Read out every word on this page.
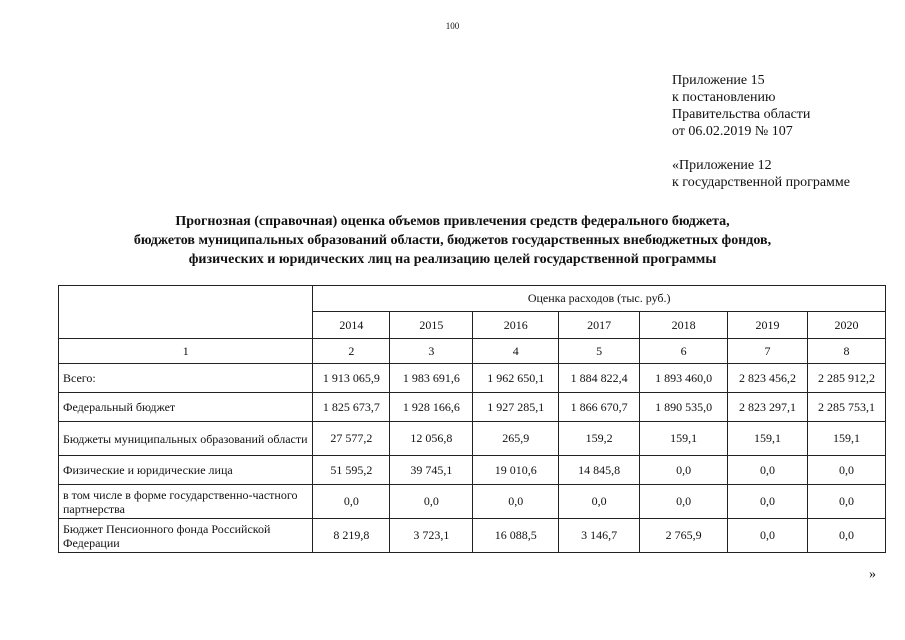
100
Приложение 15
к постановлению
Правительства области
от 06.02.2019 № 107
«Приложение 12
к государственной программе
Прогнозная (справочная) оценка объемов привлечения средств федерального бюджета,
бюджетов муниципальных образований области, бюджетов государственных внебюджетных фондов,
физических и юридических лиц на реализацию целей государственной программы
	Оценка расходов (тыс. руб.)						
	2014	2015	2016	2017	2018	2019	2020
1	2	3	4	5	6	7	8
Всего:	1 913 065,9	1 983 691,6	1 962 650,1	1 884 822,4	1 893 460,0	2 823 456,2	2 285 912,2
Федеральный бюджет	1 825 673,7	1 928 166,6	1 927 285,1	1 866 670,7	1 890 535,0	2 823 297,1	2 285 753,1
Бюджеты муниципальных образований области	27 577,2	12 056,8	265,9	159,2	159,1	159,1	159,1
Физические и юридические лица	51 595,2	39 745,1	19 010,6	14 845,8	0,0	0,0	0,0
в том числе в форме государственно-частного партнерства	0,0	0,0	0,0	0,0	0,0	0,0	0,0
Бюджет Пенсионного фонда Российской Федерации	8 219,8	3 723,1	16 088,5	3 146,7	2 765,9	0,0	0,0
»
